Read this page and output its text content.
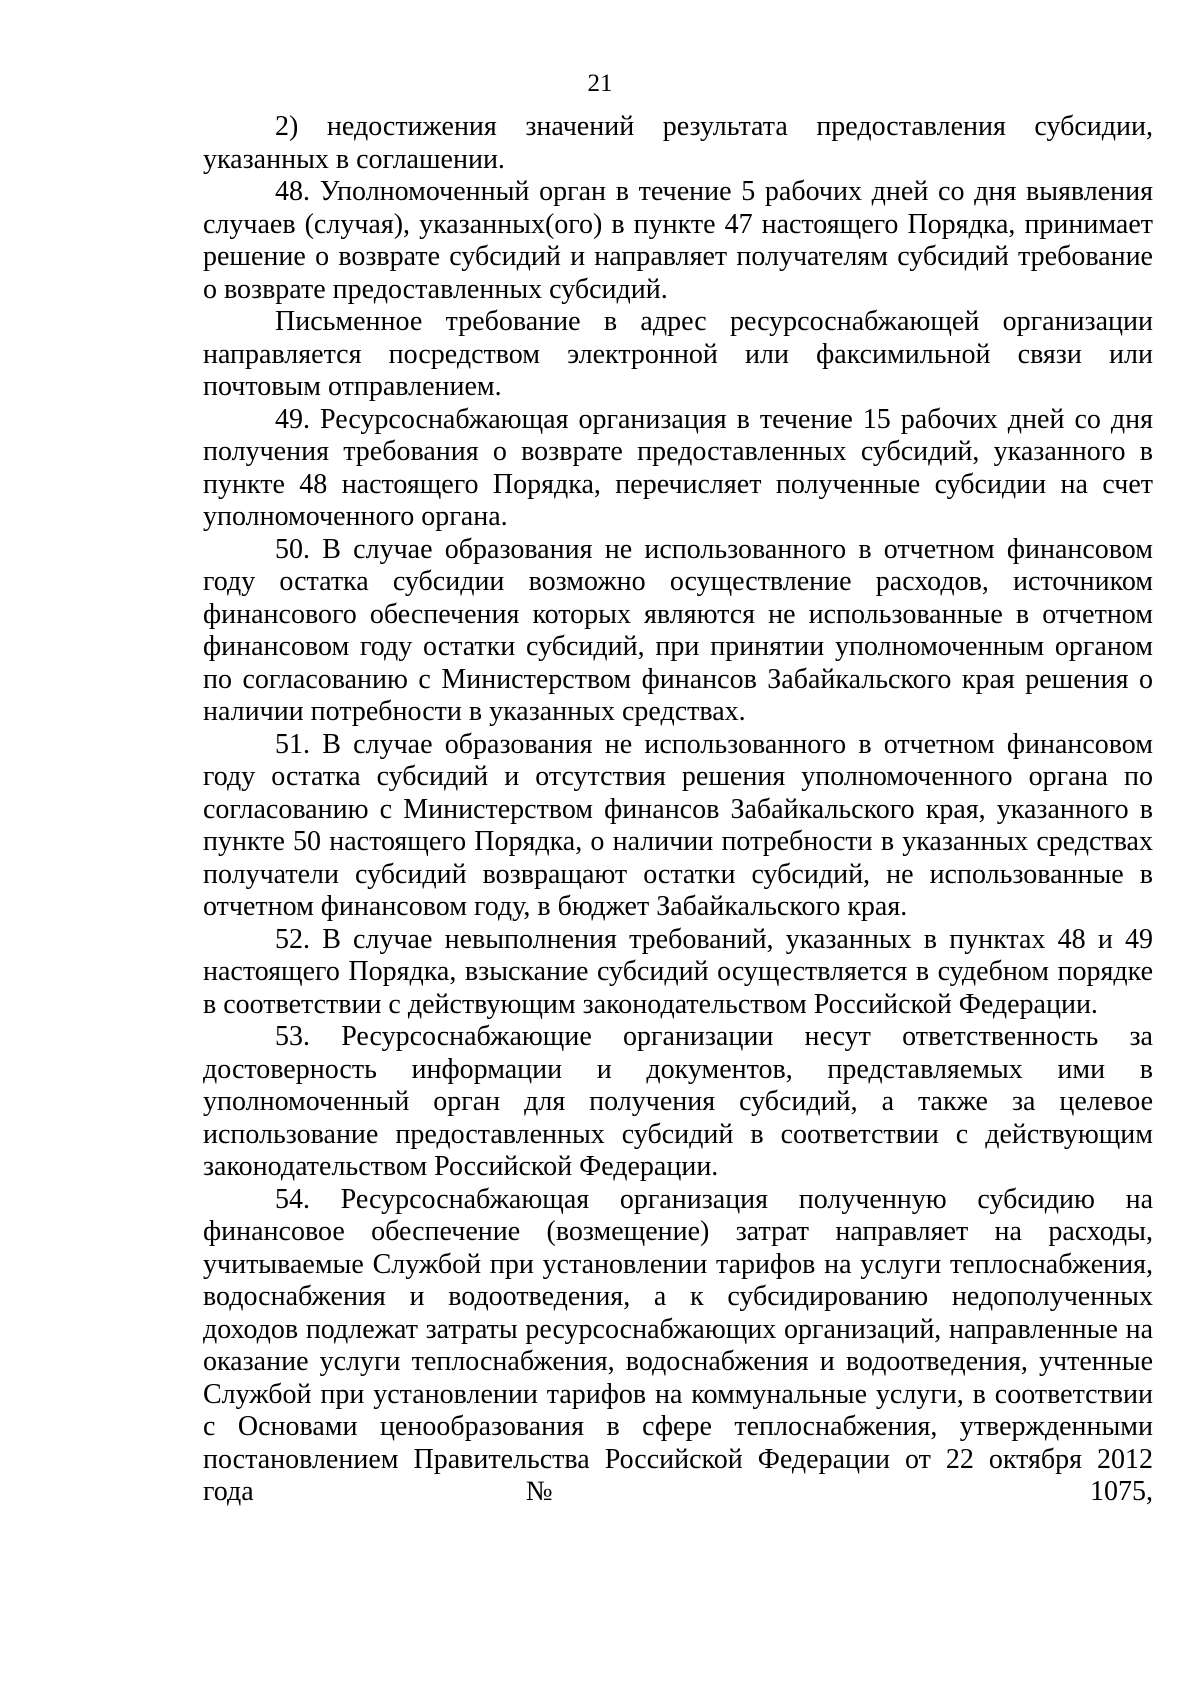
21

2) недостижения значений результата предоставления субсидии, указанных в соглашении.

48. Уполномоченный орган в течение 5 рабочих дней со дня выявления случаев (случая), указанных(ого) в пункте 47 настоящего Порядка, принимает решение о возврате субсидий и направляет получателям субсидий требование о возврате предоставленных субсидий.

Письменное требование в адрес ресурсоснабжающей организации направляется посредством электронной или факсимильной связи или почтовым отправлением.

49. Ресурсоснабжающая организация в течение 15 рабочих дней со дня получения требования о возврате предоставленных субсидий, указанного в пункте 48 настоящего Порядка, перечисляет полученные субсидии на счет уполномоченного органа.

50. В случае образования не использованного в отчетном финансовом году остатка субсидии возможно осуществление расходов, источником финансового обеспечения которых являются не использованные в отчетном финансовом году остатки субсидий, при принятии уполномоченным органом по согласованию с Министерством финансов Забайкальского края решения о наличии потребности в указанных средствах.

51. В случае образования не использованного в отчетном финансовом году остатка субсидий и отсутствия решения уполномоченного органа по согласованию с Министерством финансов Забайкальского края, указанного в пункте 50 настоящего Порядка, о наличии потребности в указанных средствах получатели субсидий возвращают остатки субсидий, не использованные в отчетном финансовом году, в бюджет Забайкальского края.

52. В случае невыполнения требований, указанных в пунктах 48 и 49 настоящего Порядка, взыскание субсидий осуществляется в судебном порядке в соответствии с действующим законодательством Российской Федерации.

53. Ресурсоснабжающие организации несут ответственность за достоверность информации и документов, представляемых ими в уполномоченный орган для получения субсидий, а также за целевое использование предоставленных субсидий в соответствии с действующим законодательством Российской Федерации.

54. Ресурсоснабжающая организация полученную субсидию на финансовое обеспечение (возмещение) затрат направляет на расходы, учитываемые Службой при установлении тарифов на услуги теплоснабжения, водоснабжения и водоотведения, а к субсидированию недополученных доходов подлежат затраты ресурсоснабжающих организаций, направленные на оказание услуги теплоснабжения, водоснабжения и водоотведения, учтенные Службой при установлении тарифов на коммунальные услуги, в соответствии с Основами ценообразования в сфере теплоснабжения, утвержденными постановлением Правительства Российской Федерации от 22 октября 2012 года № 1075,
